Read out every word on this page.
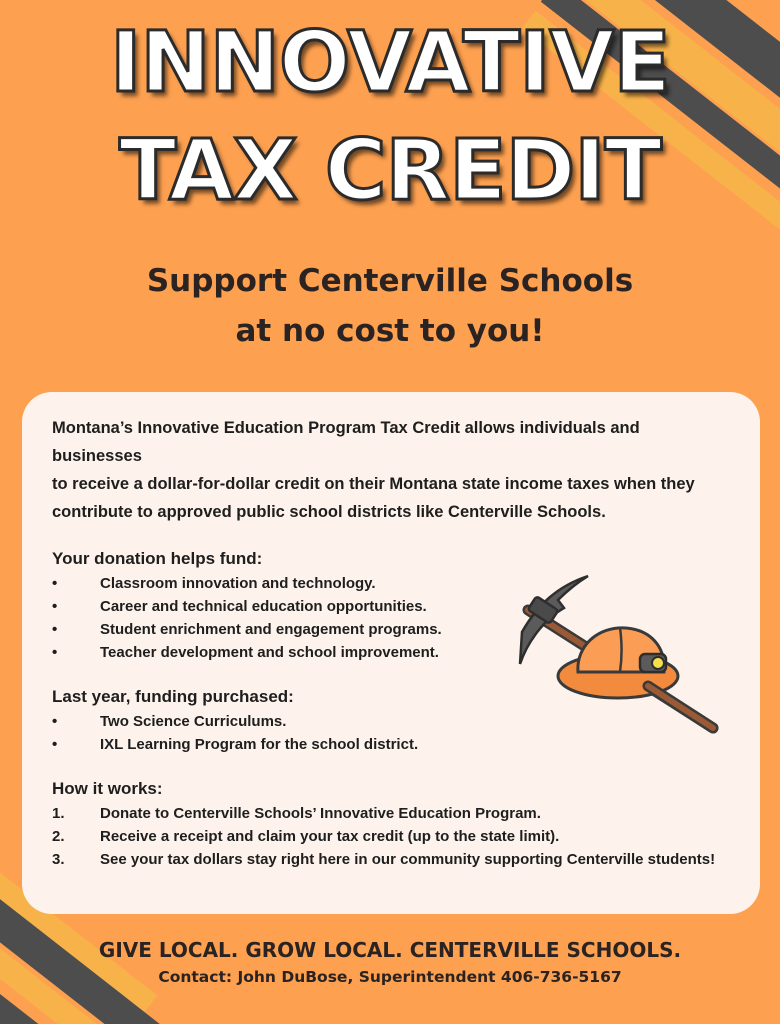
INNOVATIVE
TAX CREDIT
Support Centerville Schools
at no cost to you!

Montana’s Innovative Education Program Tax Credit allows individuals and businesses
to receive a dollar-for-dollar credit on their Montana state income taxes when they
contribute to approved public school districts like Centerville Schools.

Your donation helps fund:
•	Classroom innovation and technology.
•	Career and technical education opportunities.
•	Student enrichment and engagement programs.
•	Teacher development and school improvement.
Last year, funding purchased:
•	Two Science Curriculums.
•	IXL Learning Program for the school district.
How it works:
1.	Donate to Centerville Schools’ Innovative Education Program.
2.	Receive a receipt and claim your tax credit (up to the state limit).
3.	See your tax dollars stay right here in our community supporting Centerville students!
GIVE LOCAL. GROW LOCAL. CENTERVILLE SCHOOLS.
Contact: John DuBose, Superintendent 406-736-5167
